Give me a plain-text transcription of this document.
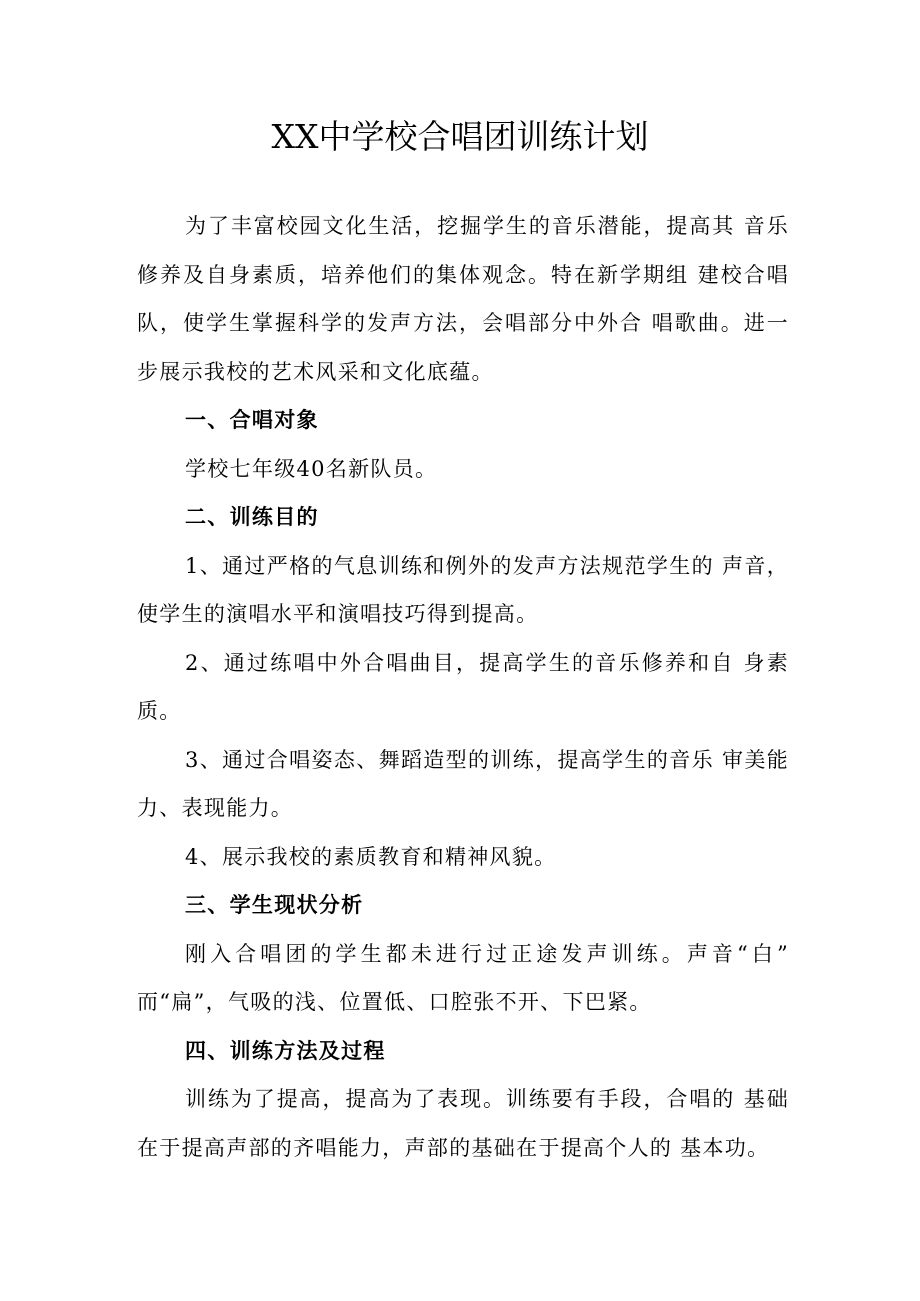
XX中学校合唱团训练计划

为了丰富校园文化生活，挖掘学生的音乐潜能，提高其 音乐修养及自身素质，培养他们的集体观念。特在新学期组 建校合唱队，使学生掌握科学的发声方法，会唱部分中外合 唱歌曲。进一步展示我校的艺术风采和文化底蕴。

一、合唱对象

学校七年级40名新队员。

二、训练目的

1、通过严格的气息训练和例外的发声方法规范学生的 声音，使学生的演唱水平和演唱技巧得到提高。

2、通过练唱中外合唱曲目，提高学生的音乐修养和自 身素质。

3、通过合唱姿态、舞蹈造型的训练，提高学生的音乐 审美能力、表现能力。

4、展示我校的素质教育和精神风貌。

三、学生现状分析

刚入合唱团的学生都未进行过正途发声训练。声音“白” 而“扁”，气吸的浅、位置低、口腔张不开、下巴紧。

四、训练方法及过程

训练为了提高，提高为了表现。训练要有手段，合唱的 基础在于提高声部的齐唱能力，声部的基础在于提高个人的 基本功。
